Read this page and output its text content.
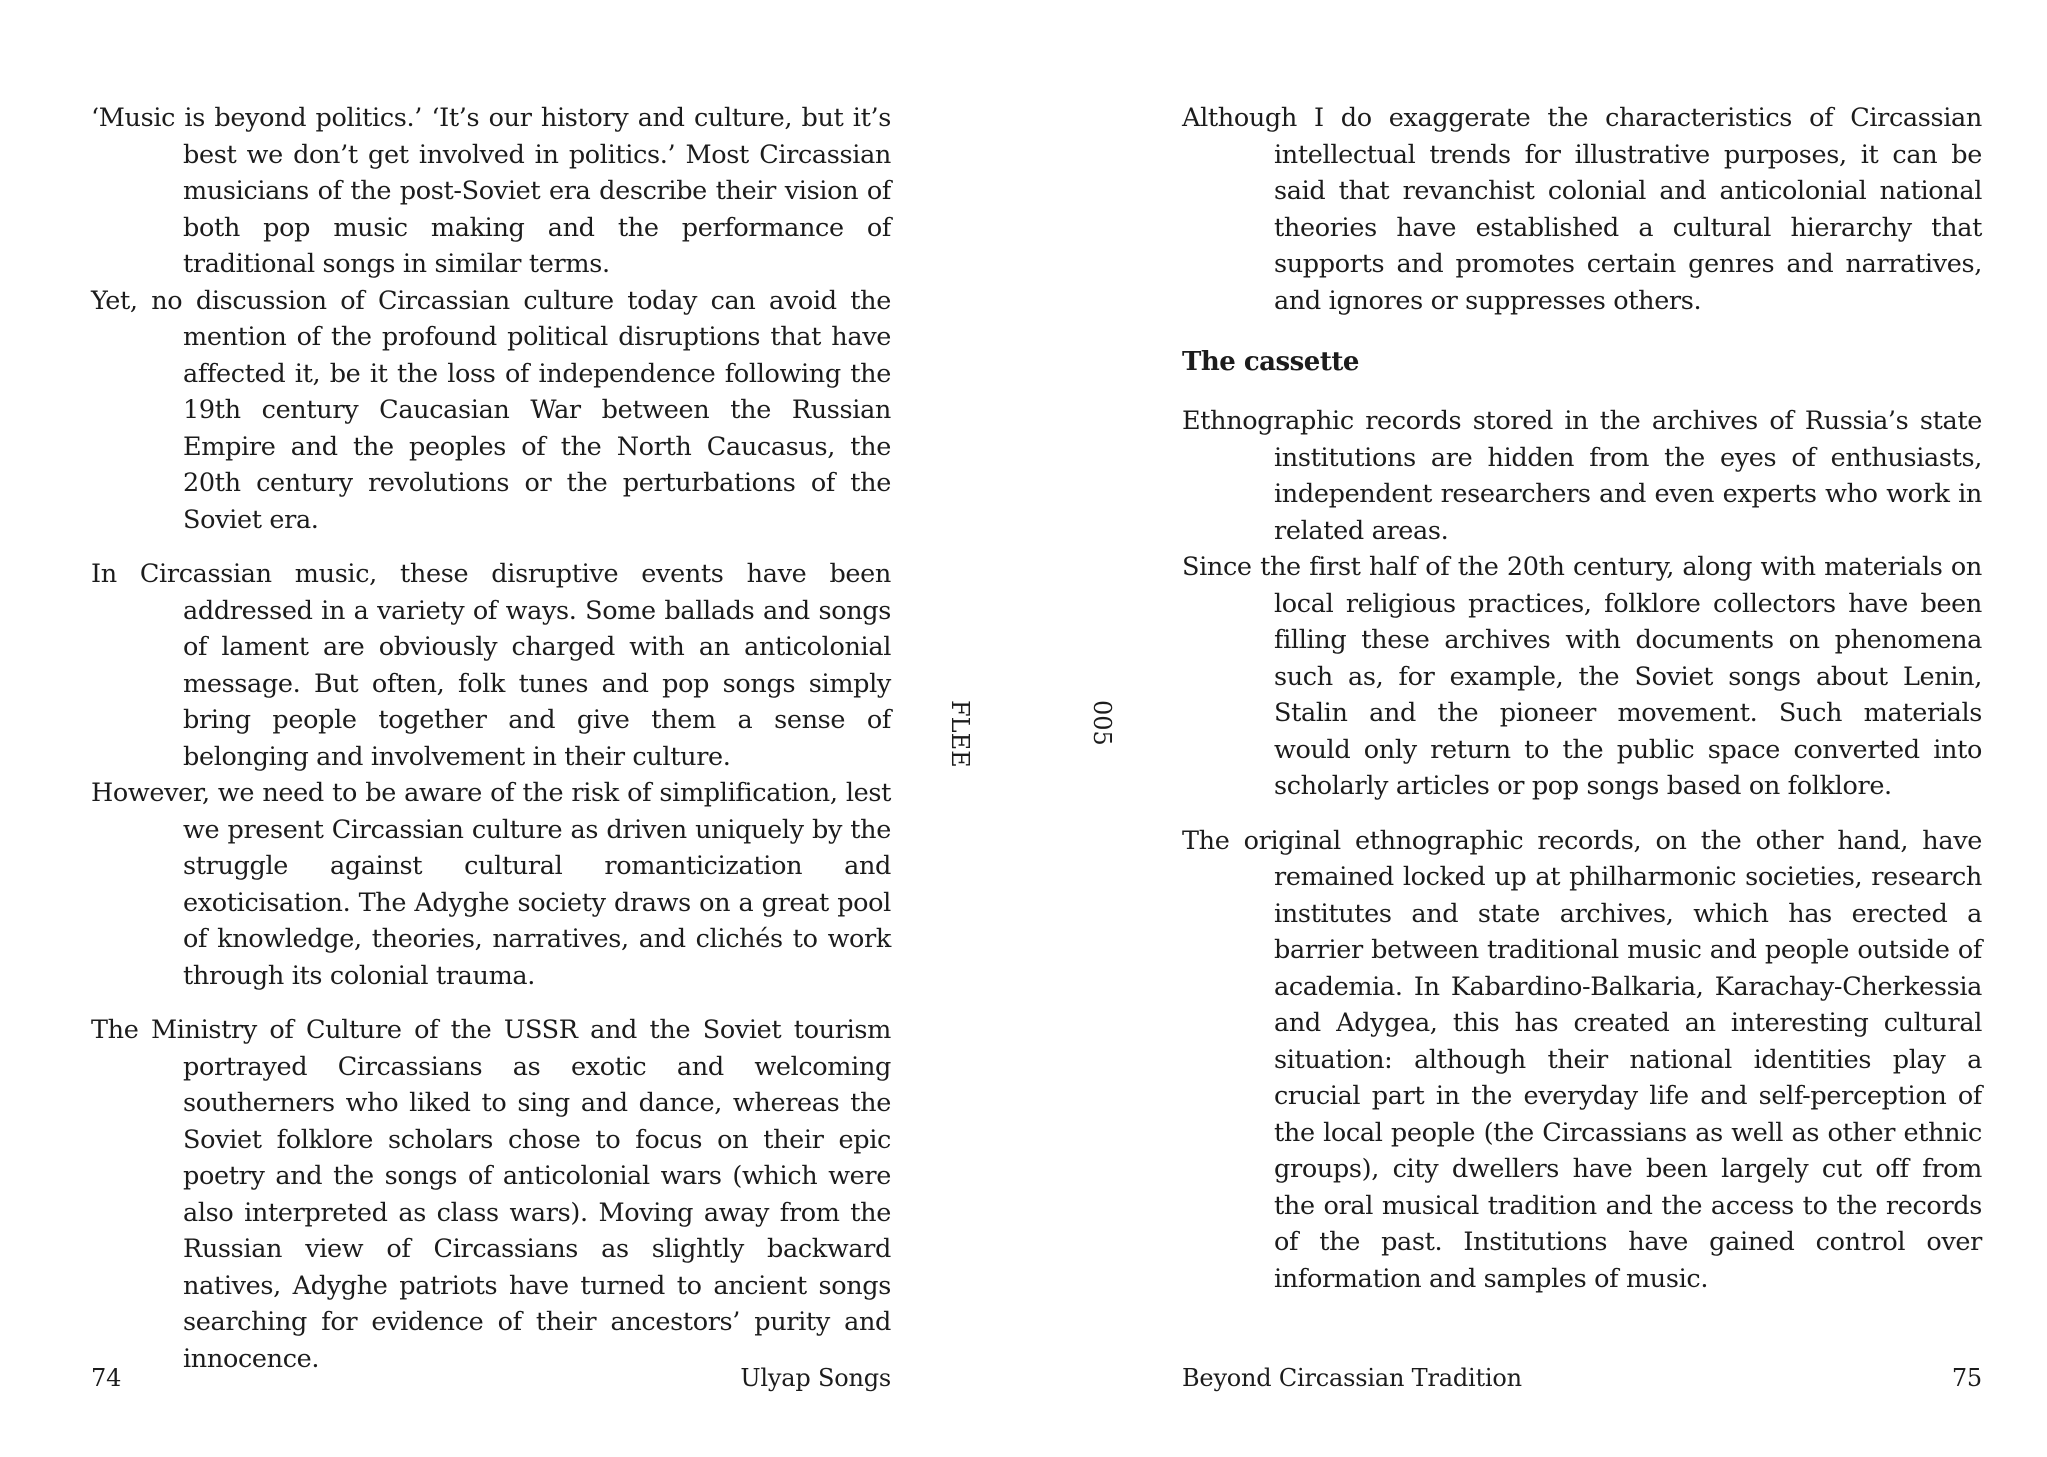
‘Music is beyond politics.’ ‘It’s our history and culture, but it’s best we don’t get involved in politics.’ Most Circassian musicians of the post-Soviet era describe their vision of both pop music making and the performance of traditional songs in similar terms.

Yet, no discussion of Circassian culture today can avoid the mention of the profound political disruptions that have affected it, be it the loss of independence following the 19th century Caucasian War between the Russian Empire and the peoples of the North Caucasus, the 20th century revolutions or the perturbations of the Soviet era.

In Circassian music, these disruptive events have been addressed in a variety of ways. Some ballads and songs of lament are obviously charged with an anticolonial message. But often, folk tunes and pop songs simply bring people together and give them a sense of belonging and involvement in their culture.

However, we need to be aware of the risk of simplification, lest we present Circassian culture as driven uniquely by the struggle against cultural romanticization and exoticisation. The Adyghe society draws on a great pool of knowledge, theories, narratives, and clichés to work through its colonial trauma.

The Ministry of Culture of the USSR and the Soviet tourism portrayed Circassians as exotic and welcoming southerners who liked to sing and dance, whereas the Soviet folklore scholars chose to focus on their epic poetry and the songs of anticolonial wars (which were also interpreted as class wars). Moving away from the Russian view of Circassians as slightly backward natives, Adyghe patriots have turned to ancient songs searching for evidence of their ancestors’ purity and innocence.

74	Ulyap Songs
FLEE	005

Although I do exaggerate the characteristics of Circassian intellectual trends for illustrative purposes, it can be said that revanchist colonial and anticolonial national theories have established a cultural hierarchy that supports and promotes certain genres and narratives, and ignores or suppresses others.

The cassette

Ethnographic records stored in the archives of Russia’s state institutions are hidden from the eyes of enthusiasts, independent researchers and even experts who work in related areas.

Since the first half of the 20th century, along with materials on local religious practices, folklore collectors have been filling these archives with documents on phenomena such as, for example, the Soviet songs about Lenin, Stalin and the pioneer movement. Such materials would only return to the public space converted into scholarly articles or pop songs based on folklore.

The original ethnographic records, on the other hand, have remained locked up at philharmonic societies, research institutes and state archives, which has erected a barrier between traditional music and people outside of academia. In Kabardino-Balkaria, Karachay-Cherkessia and Adygea, this has created an interesting cultural situation: although their national identities play a crucial part in the everyday life and self-perception of the local people (the Circassians as well as other ethnic groups), city dwellers have been largely cut off from the oral musical tradition and the access to the records of the past. Institutions have gained control over information and samples of music.

Beyond Circassian Tradition	75
